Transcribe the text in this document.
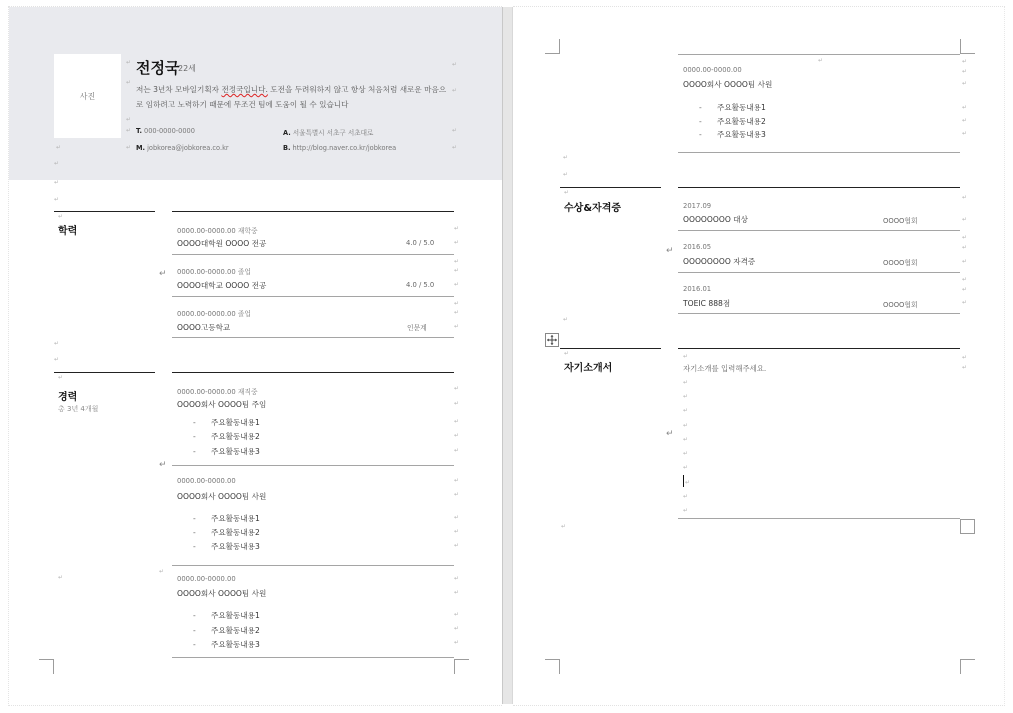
사진
전정국
22세
저는 3년차 모바일기획자 전정국입니다. 도전을 두려워하지 않고 항상 처음처럼 새로운 마음으로 임하려고 노력하기 때문에 무조건 팀에 도움이 될 수 있습니다
T. 000-0000-0000	A. 서울특별시 서초구 서초대로
M. jobkorea@jobkorea.co.kr	B. http://blog.naver.co.kr/jobkorea
↵
↵
↵
↵
↵
↵
↵
↵
↵
↵
↵
↵
↵
↵
학력	0000.00-0000.00 재학중
OOOO대학원 OOOO 전공	4.0 / 5.0
0000.00-0000.00 졸업
OOOO대학교 OOOO 전공	4.0 / 5.0
0000.00-0000.00 졸업
OOOO고등학교	인문계
↵
↵
↵
↵
경력
총 3년 4개월
0000.00-0000.00 재직중
OOOO회사 OOOO팀 주임
- 주요활동내용1
- 주요활동내용2
- 주요활동내용3
↵
0000.00-0000.00
OOOO회사 OOOO팀 사원
- 주요활동내용1
- 주요활동내용2
- 주요활동내용3
0000.00-0000.00
OOOO회사 OOOO팀 사원
- 주요활동내용1
- 주요활동내용2
- 주요활동내용3
↵
↵
↵
↵
↵
↵
↵
↵
↵
↵
↵
↵
↵
↵
↵
↵
↵
↵
↵
↵
↵
↵
↵
↵
↵
0000.00-0000.00
OOOO회사 OOOO팀 사원
- 주요활동내용1
- 주요활동내용2
- 주요활동내용3
↵	↵
↵
↵
↵
↵
↵
↵
↵
↵
수상&자격증	2017.09
OOOOOOOO 대상	OOOO협회
2016.05
OOOOOOOO 자격증	OOOO협회
2016.01
TOEIC 888점	OOOO협회
↵
↵
↵
↵
↵
↵
↵
↵
↵
↵
↵
자기소개서	자기소개를 입력해주세요.
↵
↵
↵
↵
↵
↵
↵
↵
↵
↵
↵
↵
↵
↵
↵
